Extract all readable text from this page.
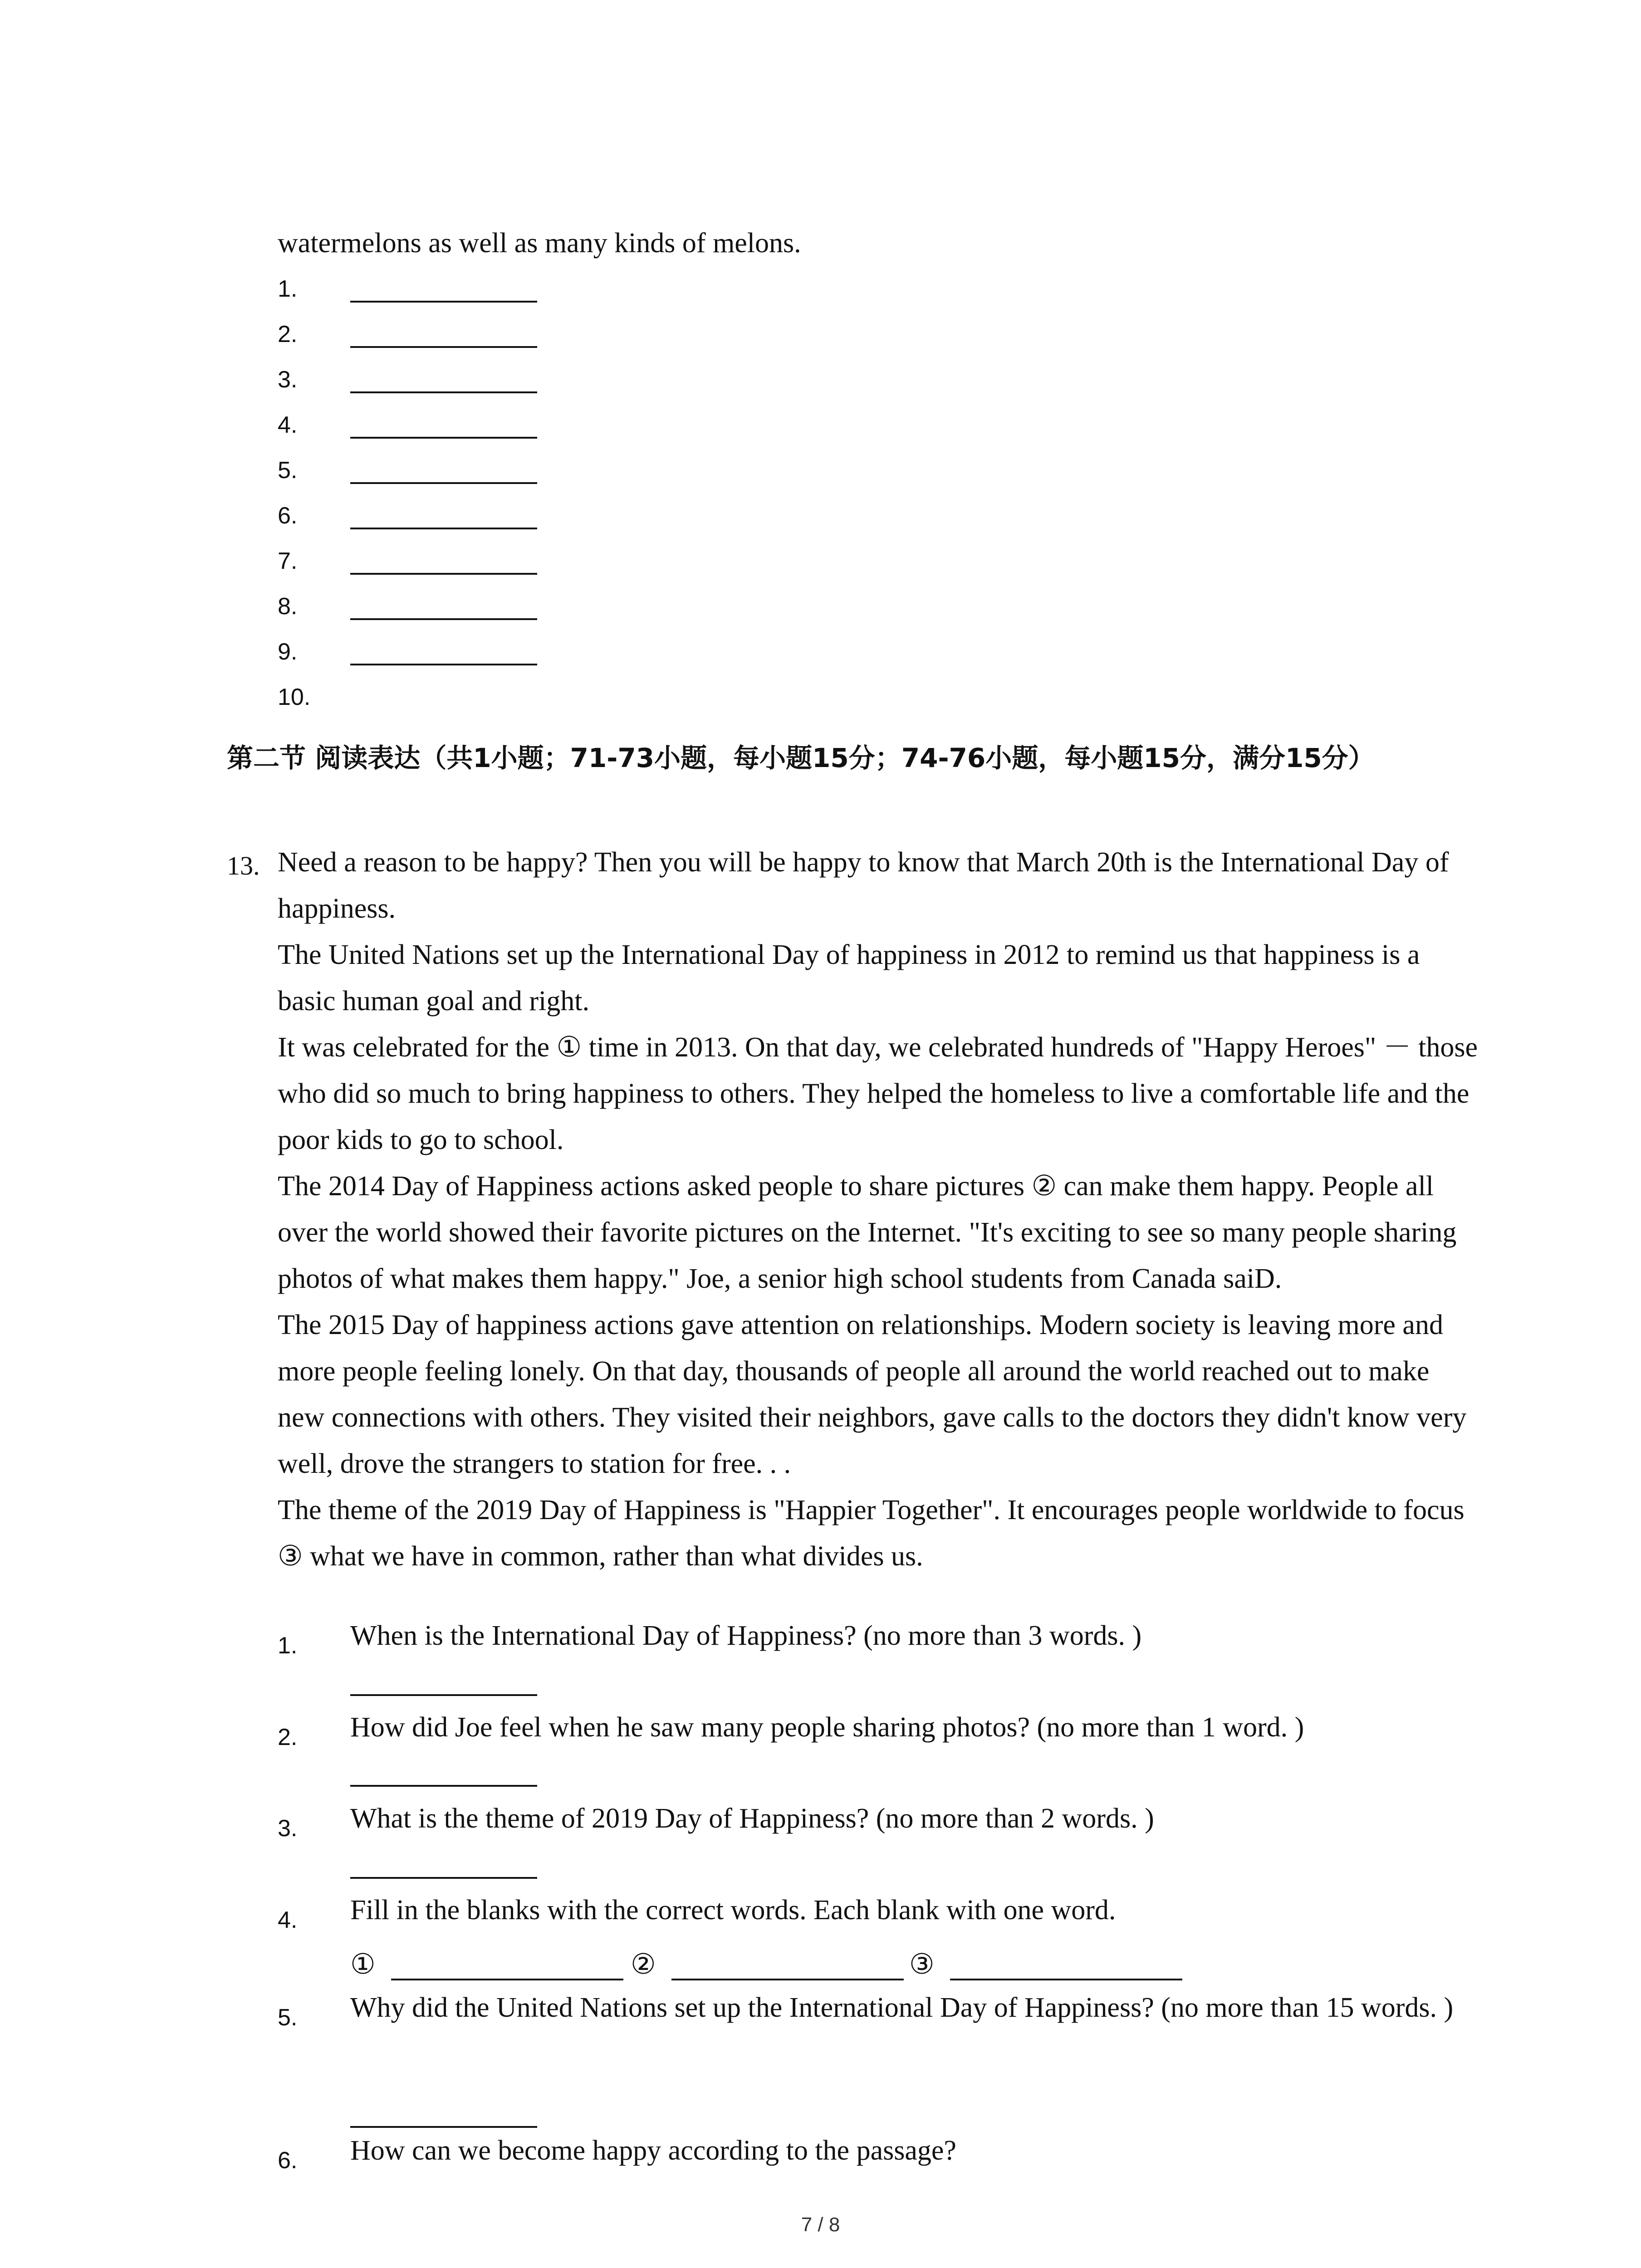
watermelons as well as many kinds of melons.
1.
2.
3.
4.
5.
6.
7.
8.
9.
10.
第二节 阅读表达（共1小题；71-73小题，每小题15分；74-76小题，每小题15分，满分15分）
13. Need a reason to be happy? Then you will be happy to know that March 20th is the International Day of happiness.

The United Nations set up the International Day of happiness in 2012 to remind us that happiness is a basic human goal and right.

It was celebrated for the ① time in 2013. On that day, we celebrated hundreds of "Happy Heroes" － those who did so much to bring happiness to others. They helped the homeless to live a comfortable life and the poor kids to go to school.

The 2014 Day of Happiness actions asked people to share pictures ② can make them happy. People all over the world showed their favorite pictures on the Internet. "It's exciting to see so many people sharing photos of what makes them happy." Joe, a senior high school students from Canada saiD.

The 2015 Day of happiness actions gave attention on relationships. Modern society is leaving more and more people feeling lonely. On that day, thousands of people all around the world reached out to make new connections with others. They visited their neighbors, gave calls to the doctors they didn't know very well, drove the strangers to station for free. . .

The theme of the 2019 Day of Happiness is "Happier Together". It encourages people worldwide to focus ③ what we have in common, rather than what divides us.

1. When is the International Day of Happiness? (no more than 3 words. )
2. How did Joe feel when he saw many people sharing photos? (no more than 1 word. )
3. What is the theme of 2019 Day of Happiness? (no more than 2 words. )
4. Fill in the blanks with the correct words. Each blank with one word.
①	②	③
5. Why did the United Nations set up the International Day of Happiness? (no more than 15 words. )
6. How can we become happy according to the passage?
7 / 8
